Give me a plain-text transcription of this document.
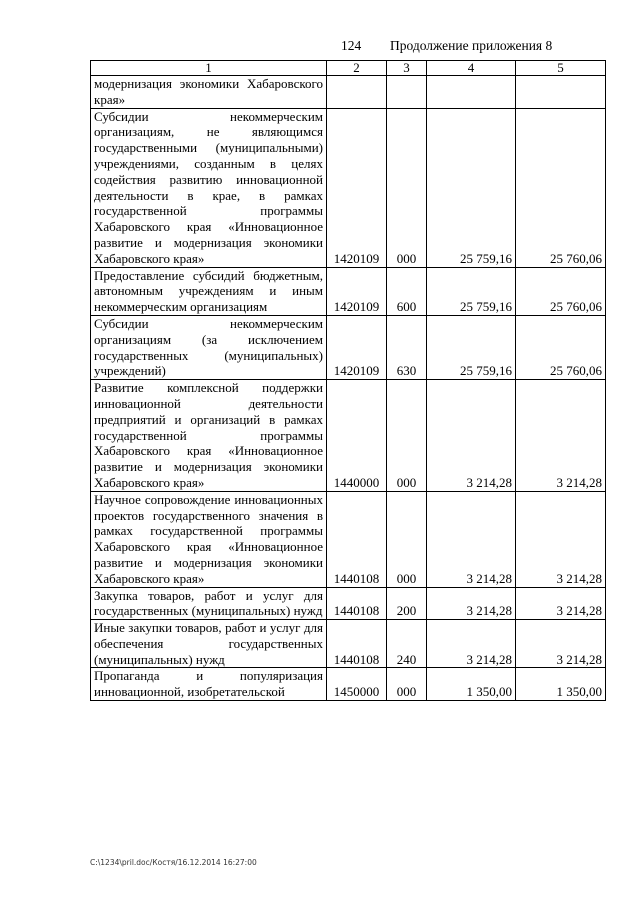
124 Продолжение приложения 8
1	2	3	4	5
модернизация экономики Хабаровского края»				
Субсидии некоммерческим организациям, не являющимся государственными (муниципальными) учреждениями, созданным в целях содействия развитию инновационной деятельности в крае, в рамках государственной программы Хабаровского края «Инновационное развитие и модернизация экономики Хабаровского края»	1420109	000	25 759,16	25 760,06
Предоставление субсидий бюджетным, автономным учреждениям и иным некоммерческим организациям	1420109	600	25 759,16	25 760,06
Субсидии некоммерческим организациям (за исключением государственных (муниципальных) учреждений)	1420109	630	25 759,16	25 760,06
Развитие комплексной поддержки инновационной деятельности предприятий и организаций в рамках государственной программы Хабаровского края «Инновационное развитие и модернизация экономики Хабаровского края»	1440000	000	3 214,28	3 214,28
Научное сопровождение инновационных проектов государственного значения в рамках государственной программы Хабаровского края «Инновационное развитие и модернизация экономики Хабаровского края»	1440108	000	3 214,28	3 214,28
Закупка товаров, работ и услуг для государственных (муниципальных) нужд	1440108	200	3 214,28	3 214,28
Иные закупки товаров, работ и услуг для обеспечения государственных (муниципальных) нужд	1440108	240	3 214,28	3 214,28
Пропаганда и популяризация инновационной, изобретательской	1450000	000	1 350,00	1 350,00
C:\1234\pril.doc/Костя/16.12.2014 16:27:00
